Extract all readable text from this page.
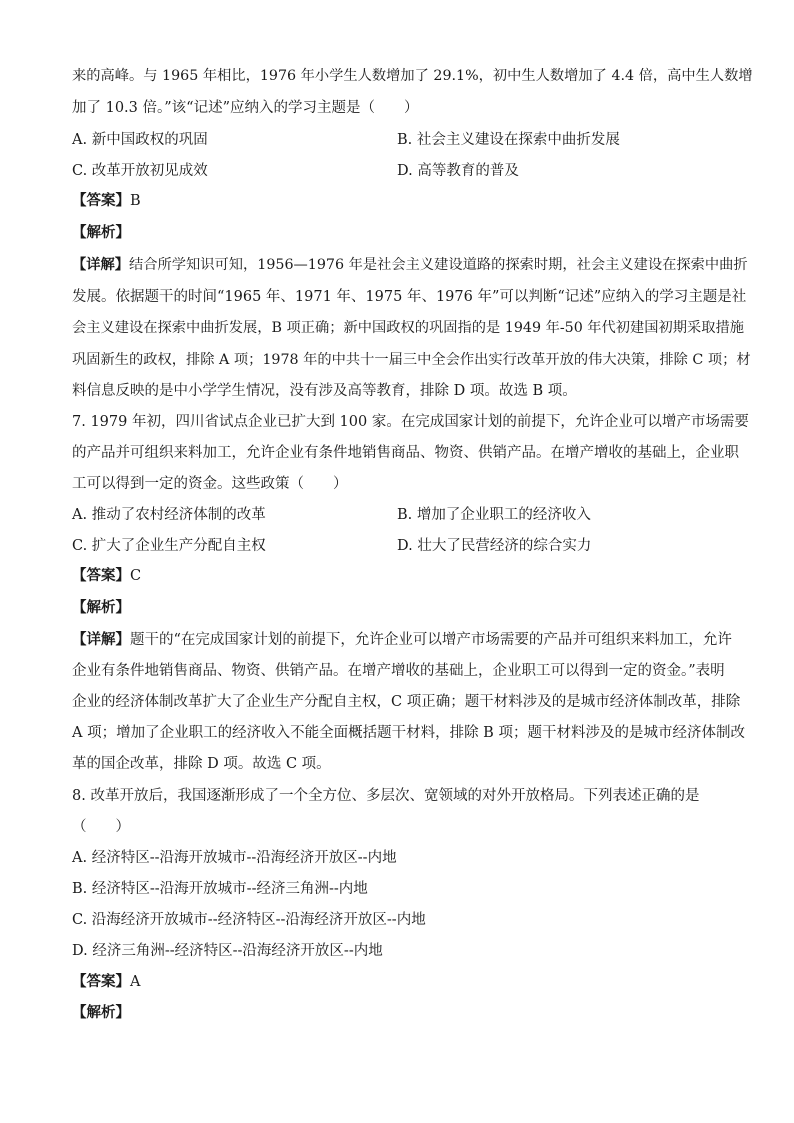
来的高峰。与 1965 年相比，1976 年小学生人数增加了 29.1%，初中生人数增加了 4.4 倍，高中生人数增
加了 10.3 倍。”该“记述”应纳入的学习主题是（　　）
A. 新中国政权的巩固	B. 社会主义建设在探索中曲折发展
C. 改革开放初见成效	D. 高等教育的普及
【答案】B
【解析】
【详解】结合所学知识可知，1956—1976 年是社会主义建设道路的探索时期，社会主义建设在探索中曲折
发展。依据题干的时间“1965 年、1971 年、1975 年、1976 年”可以判断“记述”应纳入的学习主题是社
会主义建设在探索中曲折发展，B 项正确；新中国政权的巩固指的是 1949 年-50 年代初建国初期采取措施
巩固新生的政权，排除 A 项；1978 年的中共十一届三中全会作出实行改革开放的伟大决策，排除 C 项；材
料信息反映的是中小学学生情况，没有涉及高等教育，排除 D 项。故选 B 项。
7. 1979 年初，四川省试点企业已扩大到 100 家。在完成国家计划的前提下，允许企业可以增产市场需要
的产品并可组织来料加工，允许企业有条件地销售商品、物资、供销产品。在增产增收的基础上，企业职
工可以得到一定的资金。这些政策（　　）
A. 推动了农村经济体制的改革	B. 增加了企业职工的经济收入
C. 扩大了企业生产分配自主权	D. 壮大了民营经济的综合实力
【答案】C
【解析】
【详解】题干的“在完成国家计划的前提下，允许企业可以增产市场需要的产品并可组织来料加工，允许
企业有条件地销售商品、物资、供销产品。在增产增收的基础上，企业职工可以得到一定的资金。”表明
企业的经济体制改革扩大了企业生产分配自主权，C 项正确；题干材料涉及的是城市经济体制改革，排除
A 项；增加了企业职工的经济收入不能全面概括题干材料，排除 B 项；题干材料涉及的是城市经济体制改
革的国企改革，排除 D 项。故选 C 项。
8. 改革开放后，我国逐渐形成了一个全方位、多层次、宽领域的对外开放格局。下列表述正确的是
（　　）
A. 经济特区--沿海开放城市--沿海经济开放区--内地
B. 经济特区--沿海开放城市--经济三角洲--内地
C. 沿海经济开放城市--经济特区--沿海经济开放区--内地
D. 经济三角洲--经济特区--沿海经济开放区--内地
【答案】A
【解析】
